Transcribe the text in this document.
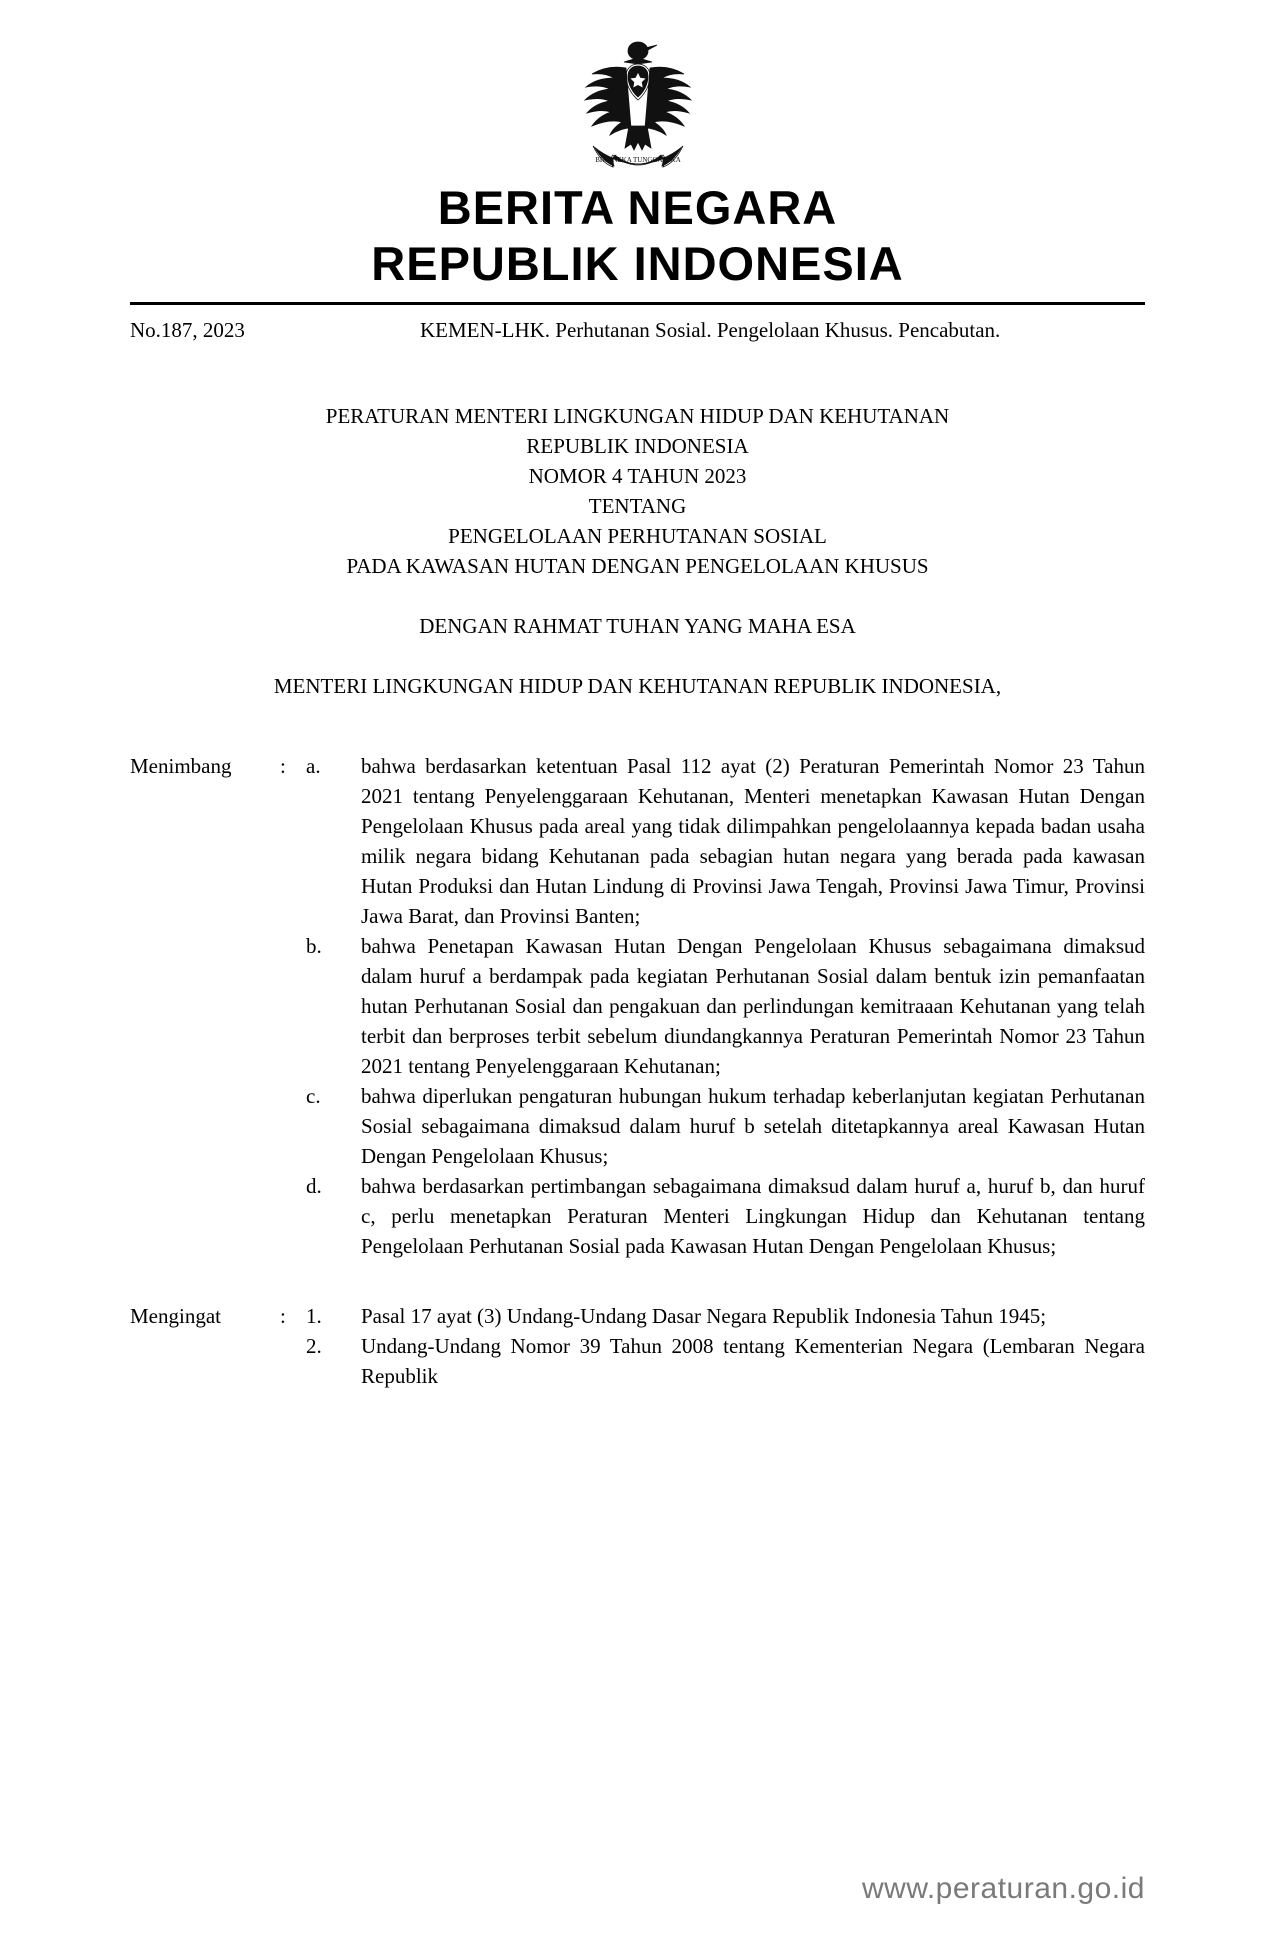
BHINNEKA TUNGGAL IKA
BERITA NEGARA
REPUBLIK INDONESIA
No.187, 2023	KEMEN-LHK. Perhutanan Sosial. Pengelolaan Khusus. Pencabutan.
PERATURAN MENTERI LINGKUNGAN HIDUP DAN KEHUTANAN
REPUBLIK INDONESIA
NOMOR 4 TAHUN 2023
TENTANG
PENGELOLAAN PERHUTANAN SOSIAL
PADA KAWASAN HUTAN DENGAN PENGELOLAAN KHUSUS
DENGAN RAHMAT TUHAN YANG MAHA ESA
MENTERI LINGKUNGAN HIDUP DAN KEHUTANAN REPUBLIK INDONESIA,
Menimbang	: a.	bahwa berdasarkan ketentuan Pasal 112 ayat (2) Peraturan Pemerintah Nomor 23 Tahun 2021 tentang Penyelenggaraan Kehutanan, Menteri menetapkan Kawasan Hutan Dengan Pengelolaan Khusus pada areal yang tidak dilimpahkan pengelolaannya kepada badan usaha milik negara bidang Kehutanan pada sebagian hutan negara yang berada pada kawasan Hutan Produksi dan Hutan Lindung di Provinsi Jawa Tengah, Provinsi Jawa Timur, Provinsi Jawa Barat, dan Provinsi Banten;
b.	bahwa Penetapan Kawasan Hutan Dengan Pengelolaan Khusus sebagaimana dimaksud dalam huruf a berdampak pada kegiatan Perhutanan Sosial dalam bentuk izin pemanfaatan hutan Perhutanan Sosial dan pengakuan dan perlindungan kemitraaan Kehutanan yang telah terbit dan berproses terbit sebelum diundangkannya Peraturan Pemerintah Nomor 23 Tahun 2021 tentang Penyelenggaraan Kehutanan;
c.	bahwa diperlukan pengaturan hubungan hukum terhadap keberlanjutan kegiatan Perhutanan Sosial sebagaimana dimaksud dalam huruf b setelah ditetapkannya areal Kawasan Hutan Dengan Pengelolaan Khusus;
d.	bahwa berdasarkan pertimbangan sebagaimana dimaksud dalam huruf a, huruf b, dan huruf c, perlu menetapkan Peraturan Menteri Lingkungan Hidup dan Kehutanan tentang Pengelolaan Perhutanan Sosial pada Kawasan Hutan Dengan Pengelolaan Khusus;
Mengingat	: 1.	Pasal 17 ayat (3) Undang-Undang Dasar Negara Republik Indonesia Tahun 1945;
2.	Undang-Undang Nomor 39 Tahun 2008 tentang Kementerian Negara (Lembaran Negara Republik
www.peraturan.go.id
